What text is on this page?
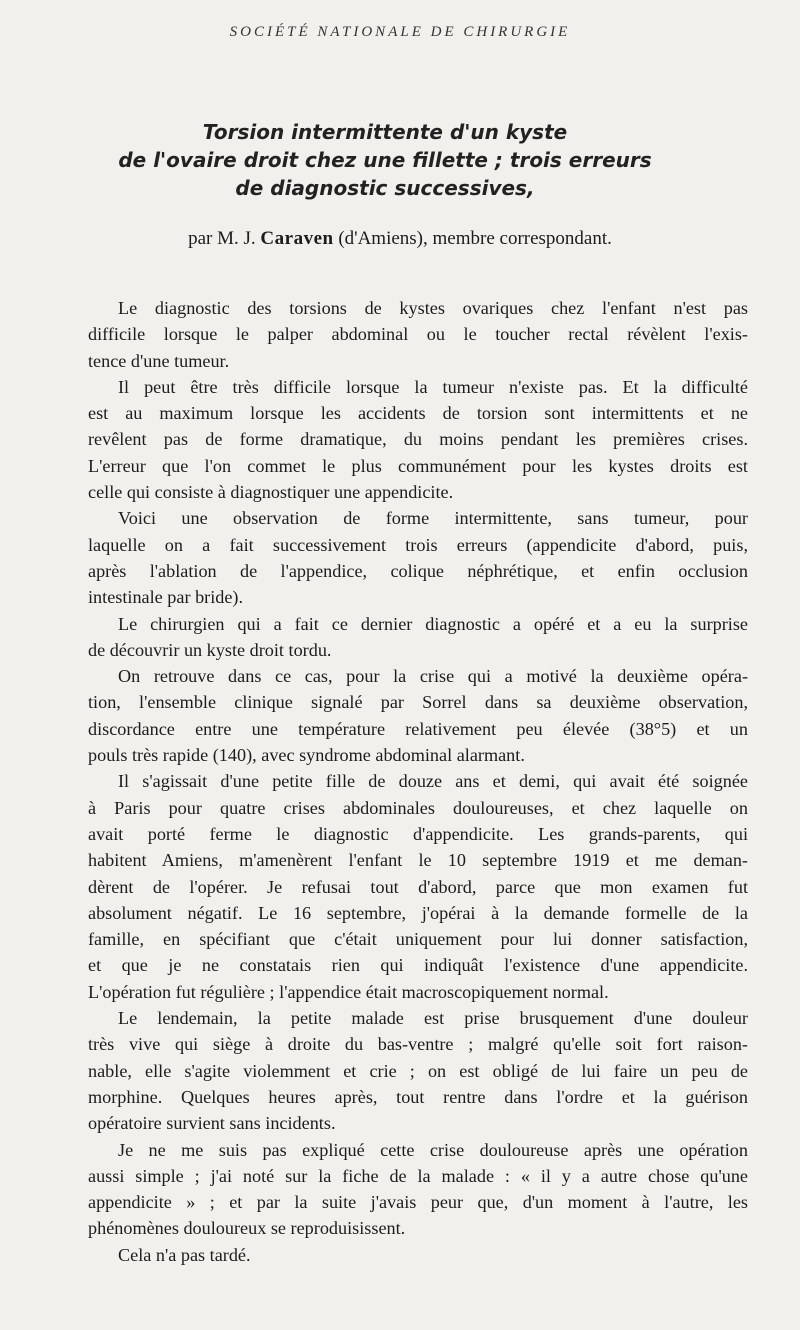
SOCIÉTÉ NATIONALE DE CHIRURGIE
Torsion intermittente d'un kyste
de l'ovaire droit chez une fillette ; trois erreurs
de diagnostic successives,
par M. J. Caraven (d'Amiens), membre correspondant.
Le diagnostic des torsions de kystes ovariques chez l'enfant n'est pas
difficile lorsque le palper abdominal ou le toucher rectal révèlent l'exis-
tence d'une tumeur.
Il peut être très difficile lorsque la tumeur n'existe pas. Et la difficulté
est au maximum lorsque les accidents de torsion sont intermittents et ne
revêlent pas de forme dramatique, du moins pendant les premières crises.
L'erreur que l'on commet le plus communément pour les kystes droits est
celle qui consiste à diagnostiquer une appendicite.
Voici une observation de forme intermittente, sans tumeur, pour
laquelle on a fait successivement trois erreurs (appendicite d'abord, puis,
après l'ablation de l'appendice, colique néphrétique, et enfin occlusion
intestinale par bride).
Le chirurgien qui a fait ce dernier diagnostic a opéré et a eu la surprise
de découvrir un kyste droit tordu.
On retrouve dans ce cas, pour la crise qui a motivé la deuxième opéra-
tion, l'ensemble clinique signalé par Sorrel dans sa deuxième observation,
discordance entre une température relativement peu élevée (38°5) et un
pouls très rapide (140), avec syndrome abdominal alarmant.
Il s'agissait d'une petite fille de douze ans et demi, qui avait été soignée
à Paris pour quatre crises abdominales douloureuses, et chez laquelle on
avait porté ferme le diagnostic d'appendicite. Les grands-parents, qui
habitent Amiens, m'amenèrent l'enfant le 10 septembre 1919 et me deman-
dèrent de l'opérer. Je refusai tout d'abord, parce que mon examen fut
absolument négatif. Le 16 septembre, j'opérai à la demande formelle de la
famille, en spécifiant que c'était uniquement pour lui donner satisfaction,
et que je ne constatais rien qui indiquât l'existence d'une appendicite.
L'opération fut régulière ; l'appendice était macroscopiquement normal.
Le lendemain, la petite malade est prise brusquement d'une douleur
très vive qui siège à droite du bas-ventre ; malgré qu'elle soit fort raison-
nable, elle s'agite violemment et crie ; on est obligé de lui faire un peu de
morphine. Quelques heures après, tout rentre dans l'ordre et la guérison
opératoire survient sans incidents.
Je ne me suis pas expliqué cette crise douloureuse après une opération
aussi simple ; j'ai noté sur la fiche de la malade : « il y a autre chose qu'une
appendicite » ; et par la suite j'avais peur que, d'un moment à l'autre, les
phénomènes douloureux se reproduisissent.
Cela n'a pas tardé.
